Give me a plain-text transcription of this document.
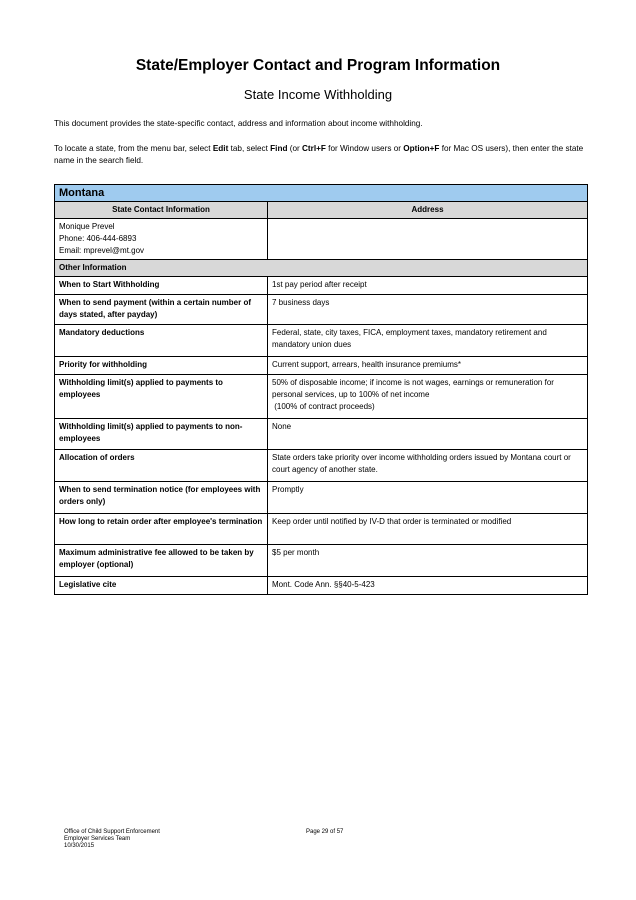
State/Employer Contact and Program Information
State Income Withholding
This document provides the state-specific contact, address and information about income withholding.
To locate a state, from the menu bar, select Edit tab, select Find (or Ctrl+F for Window users or Option+F for Mac OS users), then enter the state name in the search field.
Montana	
State Contact Information	Address

Monique Prevel
Phone: 406-444-6893
Email: mprevel@mt.gov	

Other Information	
When to Start Withholding	1st pay period after receipt
When to send payment (within a certain number of days stated, after payday)	7 business days
Mandatory deductions	Federal, state, city taxes, FICA, employment taxes, mandatory retirement and mandatory union dues
Priority for withholding	Current support, arrears, health insurance premiums*
Withholding limit(s) applied to payments to employees	50% of disposable income; if income is not wages, earnings or remuneration for personal services, up to 100% of net income
(100% of contract proceeds)

Withholding limit(s) applied to payments to non-employees	None
Allocation of orders	State orders take priority over income withholding orders issued by Montana court or court agency of another state.
When to send termination notice (for employees with orders only)	Promptly
How long to retain order after employee's termination	Keep order until notified by IV-D that order is terminated or modified
Maximum administrative fee allowed to be taken by employer (optional)	$5 per month
Legislative cite	Mont. Code Ann. §§40-5-423
Office of Child Support Enforcement
Employer Services Team
10/30/2015
Page 29 of 57
